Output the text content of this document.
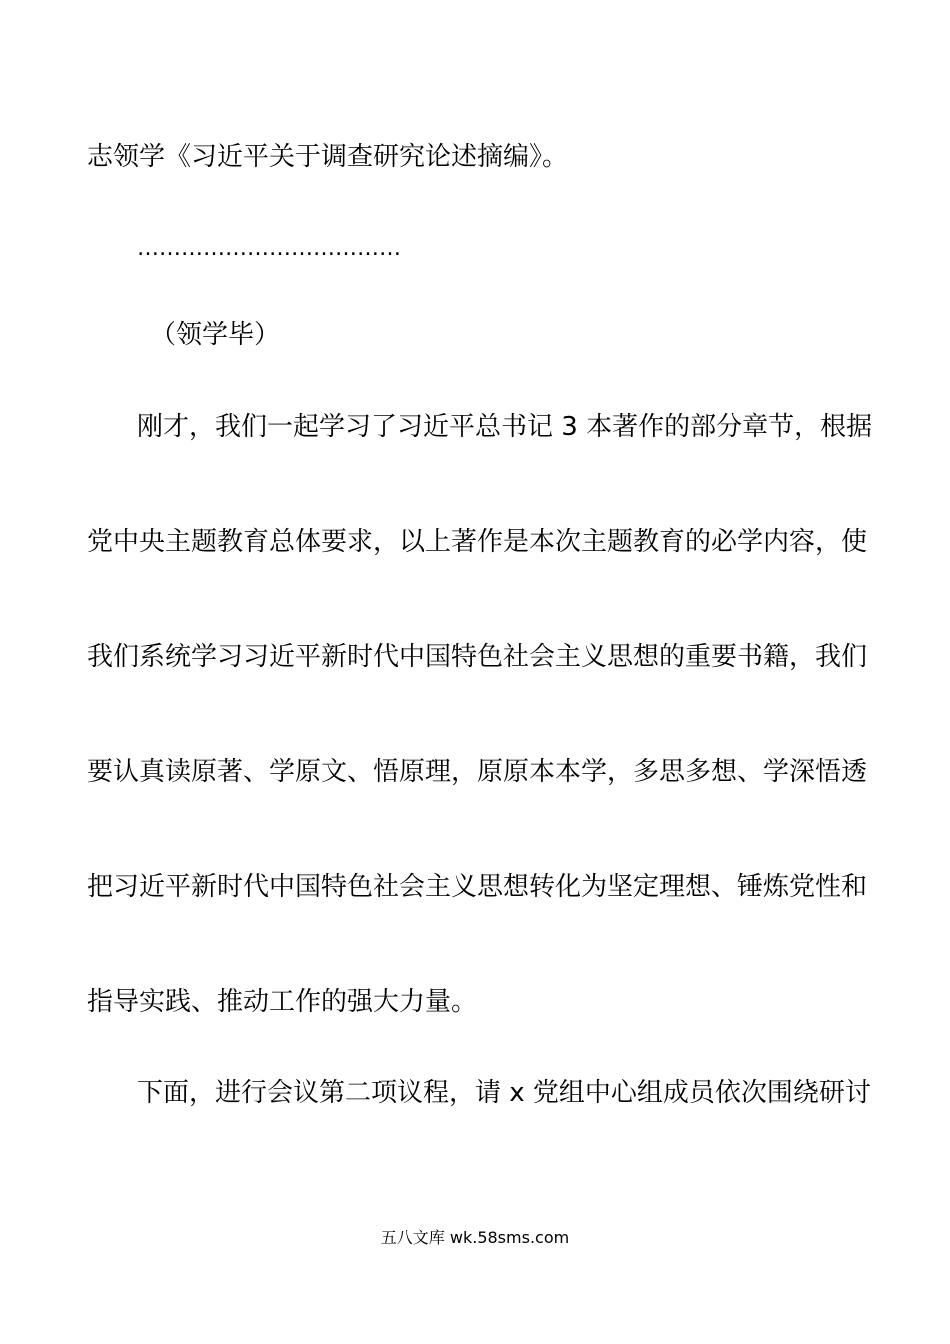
志领学《习近平关于调查研究论述摘编》。
………………………………
（领学毕）
刚才，我们一起学习了习近平总书记 3 本著作的部分章节，根据
党中央主题教育总体要求，以上著作是本次主题教育的必学内容，使
我们系统学习习近平新时代中国特色社会主义思想的重要书籍，我们
要认真读原著、学原文、悟原理，原原本本学，多思多想、学深悟透
把习近平新时代中国特色社会主义思想转化为坚定理想、锤炼党性和
指导实践、推动工作的强大力量。
下面，进行会议第二项议程，请 x 党组中心组成员依次围绕研讨
五八文库 wk.58sms.com
